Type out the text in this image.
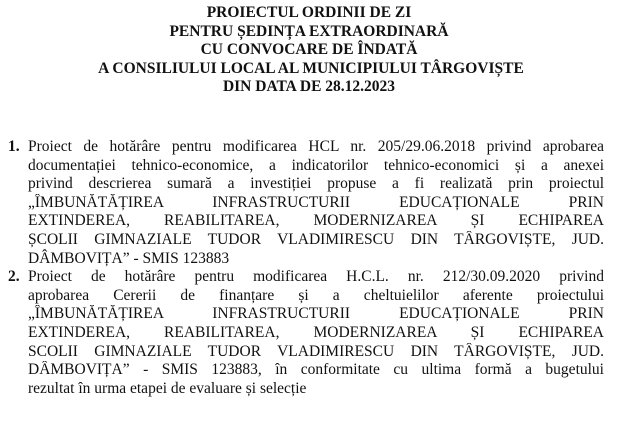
PROIECTUL ORDINII DE ZI
PENTRU ȘEDINȚA EXTRAORDINARĂ
CU CONVOCARE DE ÎNDATĂ
A CONSILIULUI LOCAL AL MUNICIPIULUI TÂRGOVIȘTE
DIN DATA DE 28.12.2023
1. Proiect de hotărâre pentru modificarea HCL nr. 205/29.06.2018 privind aprobarea
documentației tehnico-economice, a indicatorilor tehnico-economici și a anexei
privind descrierea sumară a investiției propuse a fi realizată prin proiectul
„ÎMBUNĂTĂȚIREA INFRASTRUCTURII EDUCAȚIONALE PRIN
EXTINDEREA, REABILITAREA, MODERNIZAREA ȘI ECHIPAREA
ȘCOLII GIMNAZIALE TUDOR VLADIMIRESCU DIN TÂRGOVIȘTE, JUD.
DÂMBOVIȚA” - SMIS 123883
2. Proiect de hotărâre pentru modificarea H.C.L. nr. 212/30.09.2020 privind
aprobarea Cererii de finanțare și a cheltuielilor aferente proiectului
„ÎMBUNĂTĂȚIREA INFRASTRUCTURII EDUCAȚIONALE PRIN
EXTINDEREA, REABILITAREA, MODERNIZAREA ȘI ECHIPAREA
SCOLII GIMNAZIALE TUDOR VLADIMIRESCU DIN TÂRGOVIȘTE, JUD.
DÂMBOVIȚA” - SMIS 123883, în conformitate cu ultima formă a bugetului
rezultat în urma etapei de evaluare și selecție
